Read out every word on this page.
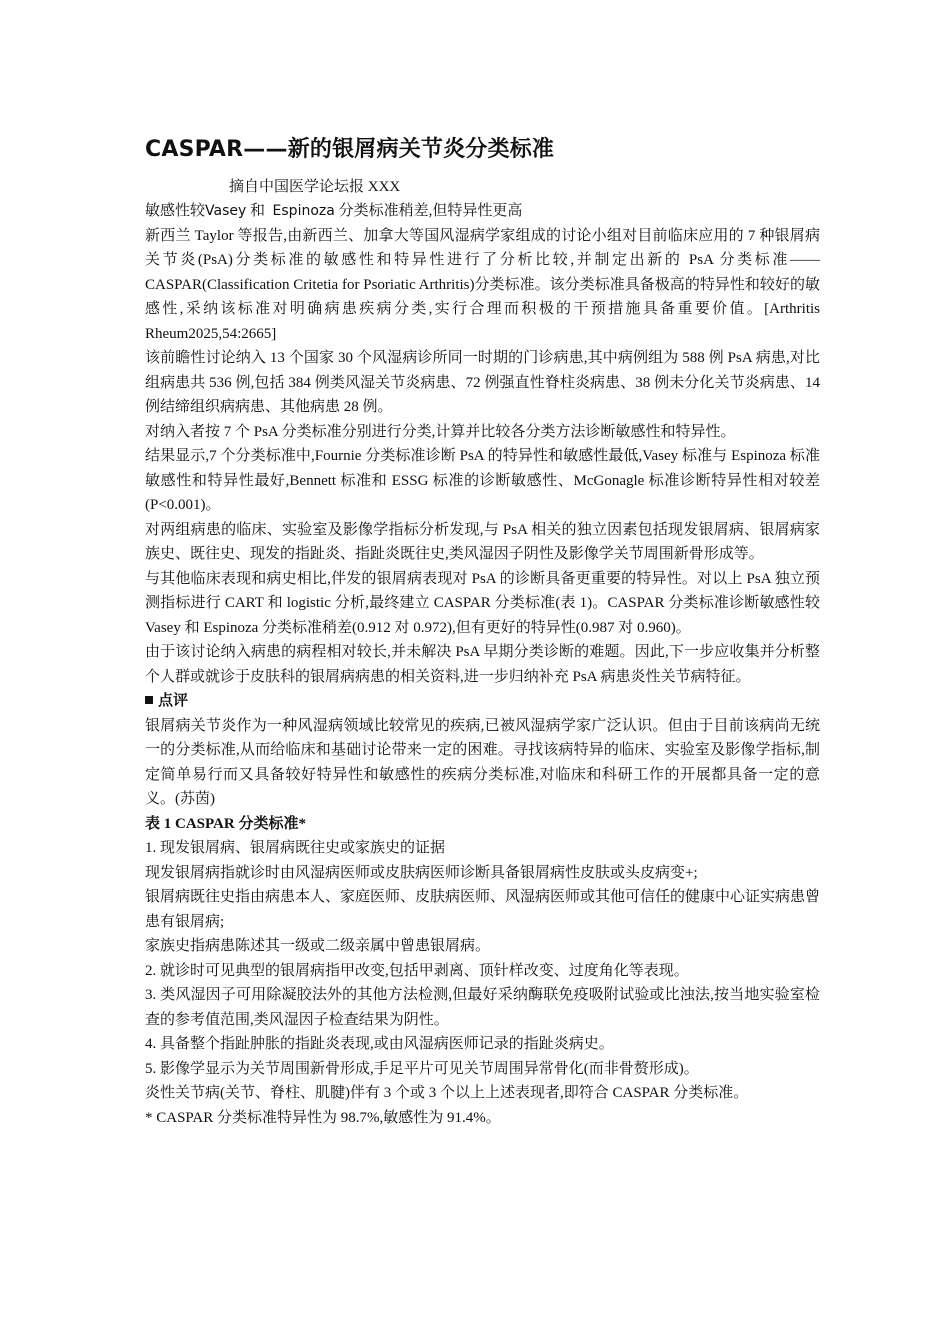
CASPAR——新的银屑病关节炎分类标准
摘自中国医学论坛报 XXX
敏感性较Vasey 和 Espinoza 分类标准稍差,但特异性更高

新西兰 Taylor 等报告,由新西兰、加拿大等国风湿病学家组成的讨论小组对目前临床应用的 7 种银屑病关节炎(PsA)分类标准的敏感性和特异性进行了分析比较,并制定出新的 PsA 分类标准——CASPAR(Classification Critetia for Psoriatic Arthritis)分类标准。该分类标准具备极高的特异性和较好的敏感性,采纳该标准对明确病患疾病分类,实行合理而积极的干预措施具备重要价值。[Arthritis Rheum2025,54:2665]

该前瞻性讨论纳入 13 个国家 30 个风湿病诊所同一时期的门诊病患,其中病例组为 588 例 PsA 病患,对比组病患共 536 例,包括 384 例类风湿关节炎病患、72 例强直性脊柱炎病患、38 例未分化关节炎病患、14 例结缔组织病病患、其他病患 28 例。

对纳入者按 7 个 PsA 分类标准分别进行分类,计算并比较各分类方法诊断敏感性和特异性。

结果显示,7 个分类标准中,Fournie 分类标准诊断 PsA 的特异性和敏感性最低,Vasey 标准与 Espinoza 标准敏感性和特异性最好,Bennett 标准和 ESSG 标准的诊断敏感性、McGonagle 标准诊断特异性相对较差(P<0.001)。

对两组病患的临床、实验室及影像学指标分析发现,与 PsA 相关的独立因素包括现发银屑病、银屑病家族史、既往史、现发的指趾炎、指趾炎既往史,类风湿因子阴性及影像学关节周围新骨形成等。

与其他临床表现和病史相比,伴发的银屑病表现对 PsA 的诊断具备更重要的特异性。对以上 PsA 独立预测指标进行 CART 和 logistic 分析,最终建立 CASPAR 分类标准(表 1)。CASPAR 分类标准诊断敏感性较 Vasey 和 Espinoza 分类标准稍差(0.912 对 0.972),但有更好的特异性(0.987 对 0.960)。

由于该讨论纳入病患的病程相对较长,并未解决 PsA 早期分类诊断的难题。因此,下一步应收集并分析整个人群或就诊于皮肤科的银屑病病患的相关资料,进一步归纳补充 PsA 病患炎性关节病特征。

点评

银屑病关节炎作为一种风湿病领域比较常见的疾病,已被风湿病学家广泛认识。但由于目前该病尚无统一的分类标准,从而给临床和基础讨论带来一定的困难。寻找该病特异的临床、实验室及影像学指标,制定简单易行而又具备较好特异性和敏感性的疾病分类标准,对临床和科研工作的开展都具备一定的意义。(苏茵)

表 1 CASPAR 分类标准*

1. 现发银屑病、银屑病既往史或家族史的证据

现发银屑病指就诊时由风湿病医师或皮肤病医师诊断具备银屑病性皮肤或头皮病变+;

银屑病既往史指由病患本人、家庭医师、皮肤病医师、风湿病医师或其他可信任的健康中心证实病患曾患有银屑病;

家族史指病患陈述其一级或二级亲属中曾患银屑病。

2. 就诊时可见典型的银屑病指甲改变,包括甲剥离、顶针样改变、过度角化等表现。

3. 类风湿因子可用除凝胶法外的其他方法检测,但最好采纳酶联免疫吸附试验或比浊法,按当地实验室检查的参考值范围,类风湿因子检查结果为阴性。

4. 具备整个指趾肿胀的指趾炎表现,或由风湿病医师记录的指趾炎病史。

5. 影像学显示为关节周围新骨形成,手足平片可见关节周围异常骨化(而非骨赘形成)。

炎性关节病(关节、脊柱、肌腱)伴有 3 个或 3 个以上上述表现者,即符合 CASPAR 分类标准。

* CASPAR 分类标准特异性为 98.7%,敏感性为 91.4%。
